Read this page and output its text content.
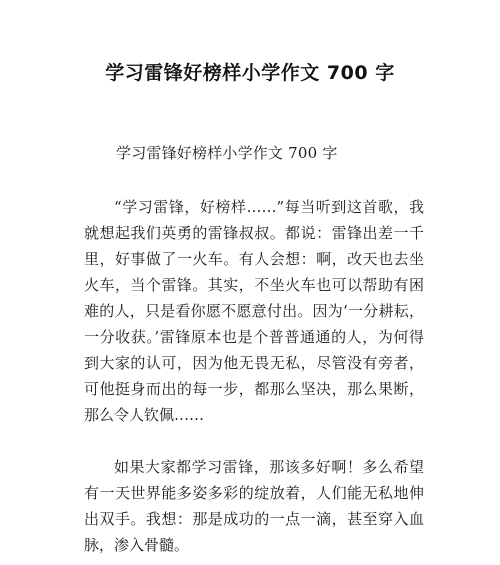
学习雷锋好榜样小学作文 700 字
学习雷锋好榜样小学作文 700 字

“学习雷锋，好榜样……”每当听到这首歌，我就想起我们英勇的雷锋叔叔。都说：雷锋出差一千里，好事做了一火车。有人会想：啊，改天也去坐火车，当个雷锋。其实，不坐火车也可以帮助有困难的人，只是看你愿不愿意付出。因为‘一分耕耘，一分收获。’雷锋原本也是个普普通通的人，为何得到大家的认可，因为他无畏无私，尽管没有旁者，可他挺身而出的每一步，都那么坚决，那么果断，那么令人钦佩……

如果大家都学习雷锋，那该多好啊！多么希望有一天世界能多姿多彩的绽放着，人们能无私地伸出双手。我想：那是成功的一点一滴，甚至穿入血脉，渗入骨髓。
